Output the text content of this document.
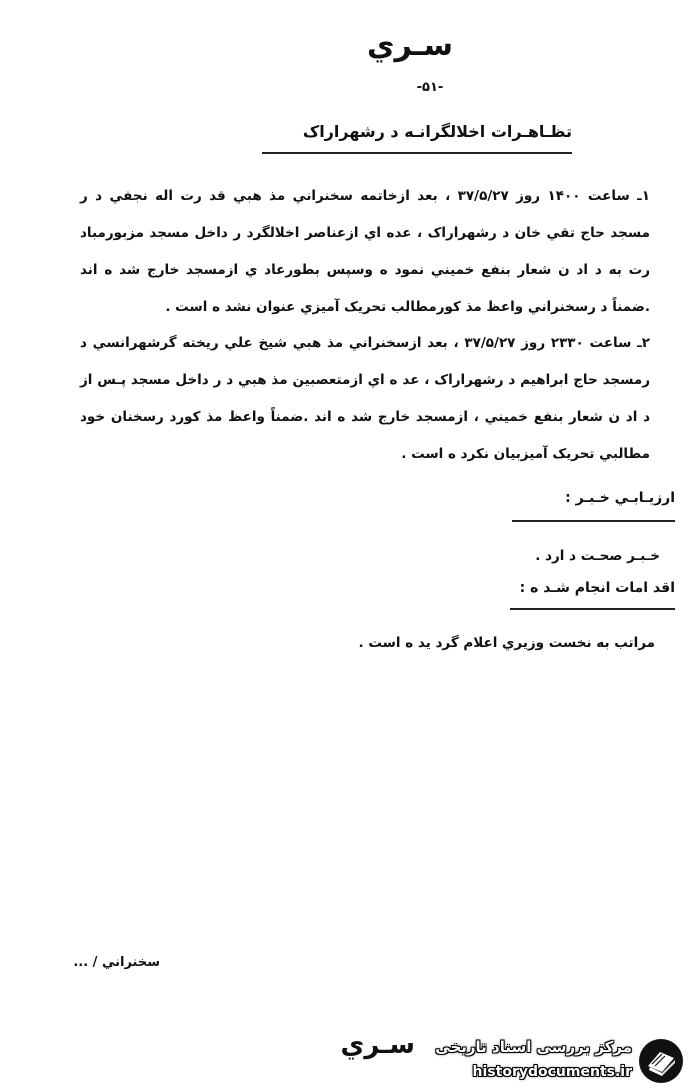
سـري
-۵۱-
تظـاهـرات اخلالگرانـه د رشهراراک
۱ـ ساعت ۱۴۰۰ روز ۳۷/۵/۲۷ ، بعد ازخاتمه سخنراني مذ هبي قد رت اله نجفي د ر مسجد حاج تقي خان د رشهراراک ، عده اي ازعناصر اخلالگرد ر داخل مسجد مزبورمباد رت به د اد ن شعار بنفع خميني نمود ه وسپس بطورعاد ي ازمسجد خارج شد ه اند .ضمناً د رسخنراني واعظ مذ کورمطالب تحريک آميزي عنوان نشد ه است .
۲ـ ساعت ۲۳۳۰ روز ۳۷/۵/۲۷ ، بعد ازسخنراني مذ هبي شيخ علي ريخته گرشهرانسي د رمسجد حاج ابراهيم د رشهراراک ، عد ه اي ازمتعصبين مذ هبي د ر داخل مسجد پـس از د اد ن شعار بنفع خميني ، ازمسجد خارج شد ه اند .ضمناً واعظ مذ کورد رسخنان خود مطالبي تحريک آميزبيان نکرد ه است .
ارزيـابـي خـبـر :
خـبـر صحـت د ارد .
اقد امات انجام شـد ه :
مراتب به نخست وزيري اعلام گرد يد ه است .
سخنراني / ...
سـري	مرکز بررسی اسناد تاریخی
historydocuments.ir
